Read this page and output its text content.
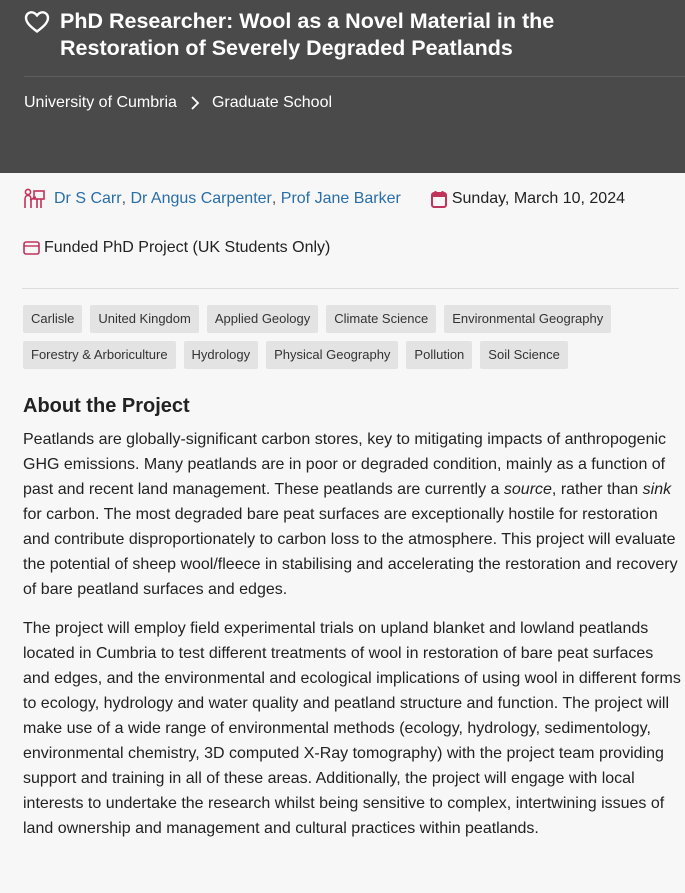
PhD Researcher: Wool as a Novel Material in the Restoration of Severely Degraded Peatlands
University of Cumbria Graduate School
Dr S Carr ,
Dr Angus Carpenter ,
Prof Jane Barker	Sunday, March 10, 2024
Funded PhD Project (UK Students Only)
Carlisle	United Kingdom	Applied Geology	Climate Science	Environmental Geography
Forestry & Arboriculture	Hydrology	Physical Geography	Pollution	Soil Science
About the Project

Peatlands are globally-significant carbon stores, key to mitigating impacts of anthropogenic GHG emissions. Many peatlands are in poor or degraded condition, mainly as a function of past and recent land management. These peatlands are currently a source, rather than sink for carbon. The most degraded bare peat surfaces are exceptionally hostile for restoration and contribute disproportionately to carbon loss to the atmosphere. This project will evaluate the potential of sheep wool/fleece in stabilising and accelerating the restoration and recovery of bare peatland surfaces and edges.

The project will employ field experimental trials on upland blanket and lowland peatlands located in Cumbria to test different treatments of wool in restoration of bare peat surfaces and edges, and the environmental and ecological implications of using wool in different forms to ecology, hydrology and water quality and peatland structure and function. The project will make use of a wide range of environmental methods (ecology, hydrology, sedimentology, environmental chemistry, 3D computed X-Ray tomography) with the project team providing support and training in all of these areas. Additionally, the project will engage with local interests to undertake the research whilst being sensitive to complex, intertwining issues of land ownership and management and cultural practices within peatlands.
